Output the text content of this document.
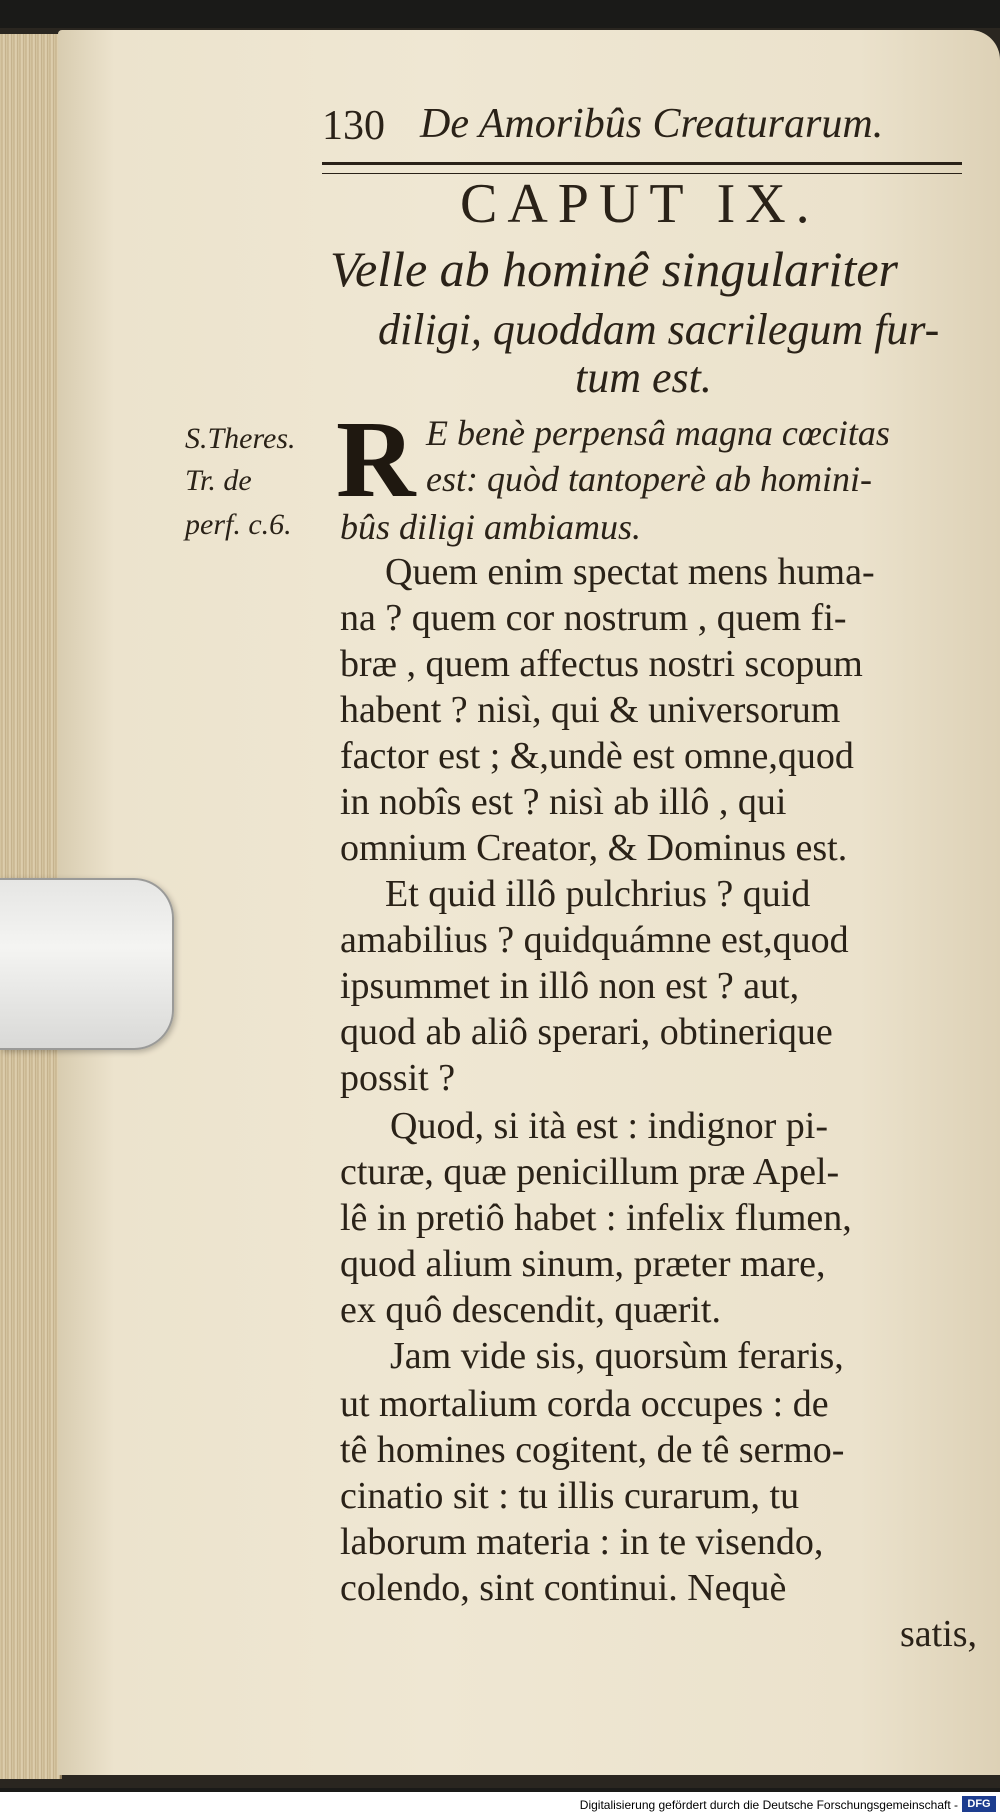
130 De Amoribûs Creaturarum.
CAPUT IX.
Velle ab hominê singulariter
diligi, quoddam sacrilegum fur-
tum est.
S.Theres.
Tr. de
perf. c.6.
R E benè perpensâ magna cœcitas
est: quòd tantoperè ab homini-
bûs diligi ambiamus.
Quem enim spectat mens huma-
na ? quem cor nostrum , quem fi-
bræ , quem affectus nostri scopum
habent ? nisì, qui & universorum
factor est ; &,undè est omne,quod
in nobîs est ? nisì ab illô , qui
omnium Creator, & Dominus est.
Et quid illô pulchrius ? quid
amabilius ? quidquámne est,quod
ipsummet in illô non est ? aut,
quod ab aliô sperari, obtinerique
possit ?
Quod, si ità est : indignor pi-
cturæ, quæ penicillum præ Apel-
lê in pretiô habet : infelix flumen,
quod alium sinum, præter mare,
ex quô descendit, quærit.
Jam vide sis, quorsùm feraris,
ut mortalium corda occupes : de
tê homines cogitent, de tê sermo-
cinatio sit : tu illis curarum, tu
laborum materia : in te visendo,
colendo, sint continui. Nequè
satis,
Digitalisierung gefördert durch die Deutsche Forschungsgemeinschaft - DFG
